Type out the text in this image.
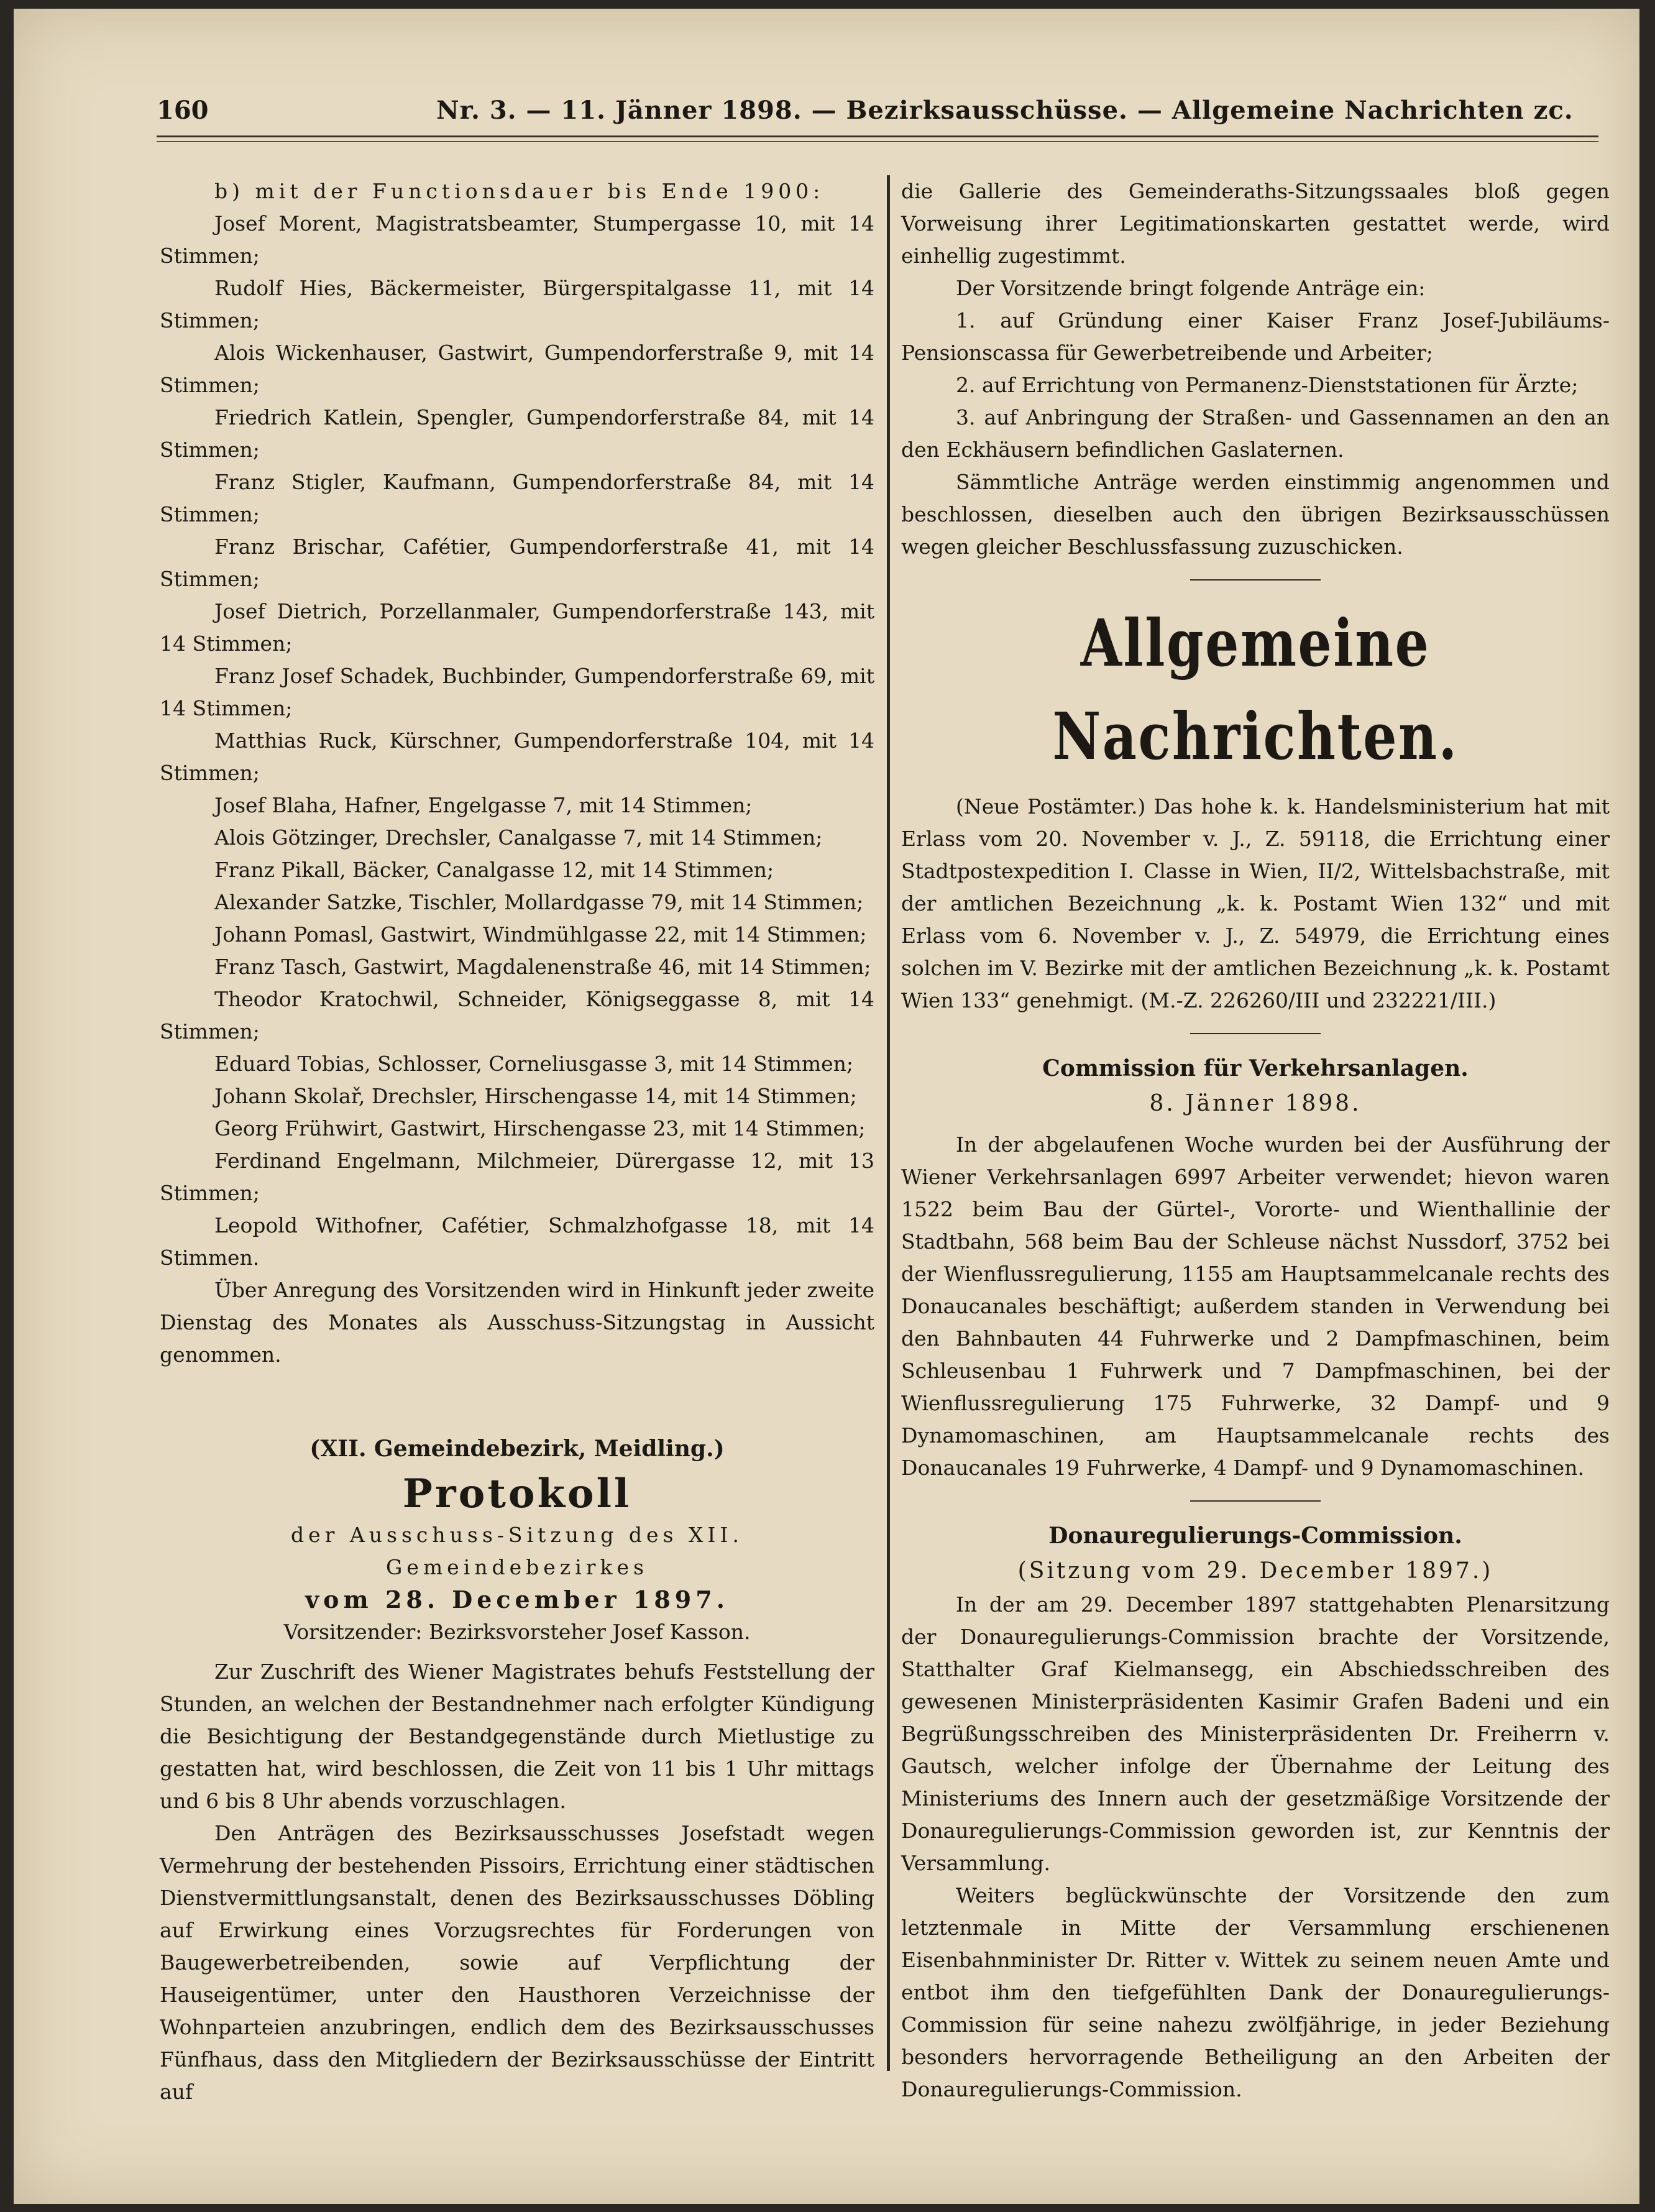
160	Nr. 3. — 11. Jänner 1898. — Bezirksausschüsse. — Allgemeine Nachrichten zc.

b) mit der Functionsdauer bis Ende 1900:

Josef Morent, Magistratsbeamter, Stumpergasse 10, mit 14 Stimmen;

Rudolf Hies, Bäckermeister, Bürgerspitalgasse 11, mit 14 Stimmen;

Alois Wickenhauser, Gastwirt, Gumpendorferstraße 9, mit 14 Stimmen;

Friedrich Katlein, Spengler, Gumpendorferstraße 84, mit 14 Stimmen;

Franz Stigler, Kaufmann, Gumpendorferstraße 84, mit 14 Stimmen;

Franz Brischar, Cafétier, Gumpendorferstraße 41, mit 14 Stimmen;

Josef Dietrich, Porzellanmaler, Gumpendorferstraße 143, mit 14 Stimmen;

Franz Josef Schadek, Buchbinder, Gumpendorferstraße 69, mit 14 Stimmen;

Matthias Ruck, Kürschner, Gumpendorferstraße 104, mit 14 Stimmen;

Josef Blaha, Hafner, Engelgasse 7, mit 14 Stimmen;

Alois Götzinger, Drechsler, Canalgasse 7, mit 14 Stimmen;

Franz Pikall, Bäcker, Canalgasse 12, mit 14 Stimmen;

Alexander Satzke, Tischler, Mollardgasse 79, mit 14 Stimmen;

Johann Pomasl, Gastwirt, Windmühlgasse 22, mit 14 Stimmen;

Franz Tasch, Gastwirt, Magdalenenstraße 46, mit 14 Stimmen;

Theodor Kratochwil, Schneider, Königseggasse 8, mit 14 Stimmen;

Eduard Tobias, Schlosser, Corneliusgasse 3, mit 14 Stimmen;

Johann Skolař, Drechsler, Hirschengasse 14, mit 14 Stimmen;

Georg Frühwirt, Gastwirt, Hirschengasse 23, mit 14 Stimmen;

Ferdinand Engelmann, Milchmeier, Dürergasse 12, mit 13 Stimmen;

Leopold Withofner, Cafétier, Schmalzhofgasse 18, mit 14 Stimmen.

Über Anregung des Vorsitzenden wird in Hinkunft jeder zweite Dienstag des Monates als Ausschuss-Sitzungstag in Aussicht genommen.

(XII. Gemeindebezirk, Meidling.)
Protokoll

der Ausschuss-Sitzung des XII. Gemeindebezirkes

vom 28. December 1897.

Vorsitzender: Bezirksvorsteher Josef Kasson.

Zur Zuschrift des Wiener Magistrates behufs Feststellung der Stunden, an welchen der Bestandnehmer nach erfolgter Kündigung die Besichtigung der Bestandgegenstände durch Mietlustige zu gestatten hat, wird beschlossen, die Zeit von 11 bis 1 Uhr mittags und 6 bis 8 Uhr abends vorzuschlagen.

Den Anträgen des Bezirksausschusses Josefstadt wegen Vermehrung der bestehenden Pissoirs, Errichtung einer städtischen Dienstvermittlungsanstalt, denen des Bezirksausschusses Döbling auf Erwirkung eines Vorzugsrechtes für Forderungen von Baugewerbetreibenden, sowie auf Verpflichtung der Hauseigentümer, unter den Hausthoren Verzeichnisse der Wohnparteien anzubringen, endlich dem des Bezirksausschusses Fünfhaus, dass den Mitgliedern der Bezirksausschüsse der Eintritt auf

die Gallerie des Gemeinderaths-Sitzungssaales bloß gegen Vorweisung ihrer Legitimationskarten gestattet werde, wird einhellig zugestimmt.

Der Vorsitzende bringt folgende Anträge ein:

1. auf Gründung einer Kaiser Franz Josef-Jubiläums-Pensionscassa für Gewerbetreibende und Arbeiter;

2. auf Errichtung von Permanenz-Dienststationen für Ärzte;

3. auf Anbringung der Straßen- und Gassennamen an den an den Eckhäusern befindlichen Gaslaternen.

Sämmtliche Anträge werden einstimmig angenommen und beschlossen, dieselben auch den übrigen Bezirksausschüssen wegen gleicher Beschlussfassung zuzuschicken.

Allgemeine Nachrichten.

(Neue Postämter.) Das hohe k. k. Handelsministerium hat mit Erlass vom 20. November v. J., Z. 59118, die Errichtung einer Stadtpostexpedition I. Classe in Wien, II/2, Wittelsbachstraße, mit der amtlichen Bezeichnung „k. k. Postamt Wien 132“ und mit Erlass vom 6. November v. J., Z. 54979, die Errichtung eines solchen im V. Bezirke mit der amtlichen Bezeichnung „k. k. Postamt Wien 133“ genehmigt. (M.-Z. 226260/III und 232221/III.)

Commission für Verkehrsanlagen.
8. Jänner 1898.

In der abgelaufenen Woche wurden bei der Ausführung der Wiener Verkehrsanlagen 6997 Arbeiter verwendet; hievon waren 1522 beim Bau der Gürtel-, Vororte- und Wienthallinie der Stadtbahn, 568 beim Bau der Schleuse nächst Nussdorf, 3752 bei der Wienflussregulierung, 1155 am Hauptsammelcanale rechts des Donaucanales beschäftigt; außerdem standen in Verwendung bei den Bahnbauten 44 Fuhrwerke und 2 Dampfmaschinen, beim Schleusenbau 1 Fuhrwerk und 7 Dampfmaschinen, bei der Wienflussregulierung 175 Fuhrwerke, 32 Dampf- und 9 Dynamomaschinen, am Hauptsammelcanale rechts des Donaucanales 19 Fuhrwerke, 4 Dampf- und 9 Dynamomaschinen.

Donauregulierungs-Commission.
(Sitzung vom 29. December 1897.)

In der am 29. December 1897 stattgehabten Plenarsitzung der Donauregulierungs-Commission brachte der Vorsitzende, Statthalter Graf Kielmansegg, ein Abschiedsschreiben des gewesenen Ministerpräsidenten Kasimir Grafen Badeni und ein Begrüßungsschreiben des Ministerpräsidenten Dr. Freiherrn v. Gautsch, welcher infolge der Übernahme der Leitung des Ministeriums des Innern auch der gesetzmäßige Vorsitzende der Donauregulierungs-Commission geworden ist, zur Kenntnis der Versammlung.

Weiters beglückwünschte der Vorsitzende den zum letztenmale in Mitte der Versammlung erschienenen Eisenbahnminister Dr. Ritter v. Wittek zu seinem neuen Amte und entbot ihm den tiefgefühlten Dank der Donauregulierungs-Commission für seine nahezu zwölfjährige, in jeder Beziehung besonders hervorragende Betheiligung an den Arbeiten der Donauregulierungs-Commission.
